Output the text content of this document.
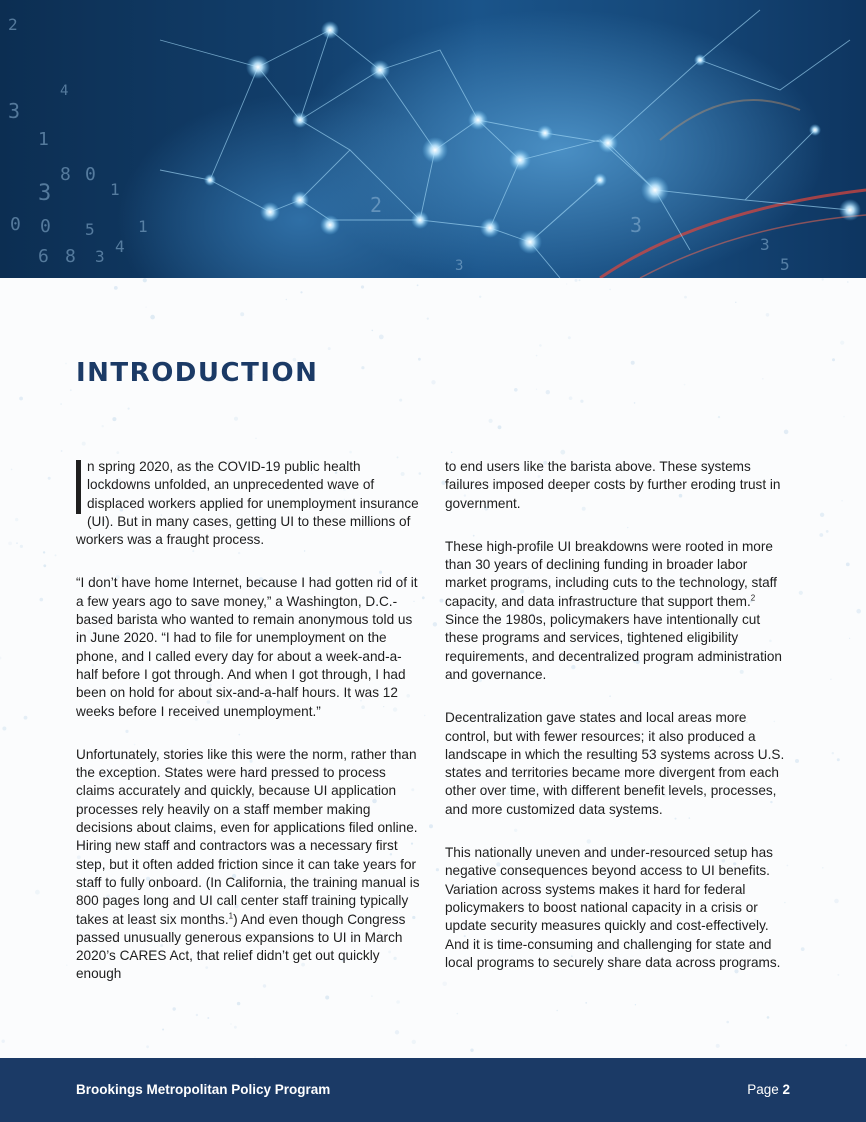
2
4
3
1
0
3
0 0 5	1
6 8 3
4
2
3
3
5
1
8
3
INTRODUCTION

n spring 2020, as the COVID-19 public health lockdowns unfolded, an unprecedented wave of displaced workers applied for unemployment insurance (UI). But in many cases, getting UI to these millions of workers was a fraught process.

“I don’t have home Internet, because I had gotten rid of it a few years ago to save money,” a Washington, D.C.-based barista who wanted to remain anonymous told us in June 2020. “I had to file for unemployment on the phone, and I called every day for about a week-and-a-half before I got through. And when I got through, I had been on hold for about six-and-a-half hours. It was 12 weeks before I received unemployment.”

Unfortunately, stories like this were the norm, rather than the exception. States were hard pressed to process claims accurately and quickly, because UI application processes rely heavily on a staff member making decisions about claims, even for applications filed online. Hiring new staff and contractors was a necessary first step, but it often added friction since it can take years for staff to fully onboard. (In California, the training manual is 800 pages long and UI call center staff training typically takes at least six months.$^1$) And even though Congress passed unusually generous expansions to UI in March 2020’s CARES Act, that relief didn’t get out quickly enough

to end users like the barista above. These systems failures imposed deeper costs by further eroding trust in government.

These high-profile UI breakdowns were rooted in more than 30 years of declining funding in broader labor market programs, including cuts to the technology, staff capacity, and data infrastructure that support them.$^2$ Since the 1980s, policymakers have intentionally cut these programs and services, tightened eligibility requirements, and decentralized program administration and governance.

Decentralization gave states and local areas more control, but with fewer resources; it also produced a landscape in which the resulting 53 systems across U.S. states and territories became more divergent from each other over time, with different benefit levels, processes, and more customized data systems.

This nationally uneven and under-resourced setup has negative consequences beyond access to UI benefits. Variation across systems makes it hard for federal policymakers to boost national capacity in a crisis or update security measures quickly and cost-effectively. And it is time-consuming and challenging for state and local programs to securely share data across programs.

Brookings Metropolitan Policy Program	Page 2
